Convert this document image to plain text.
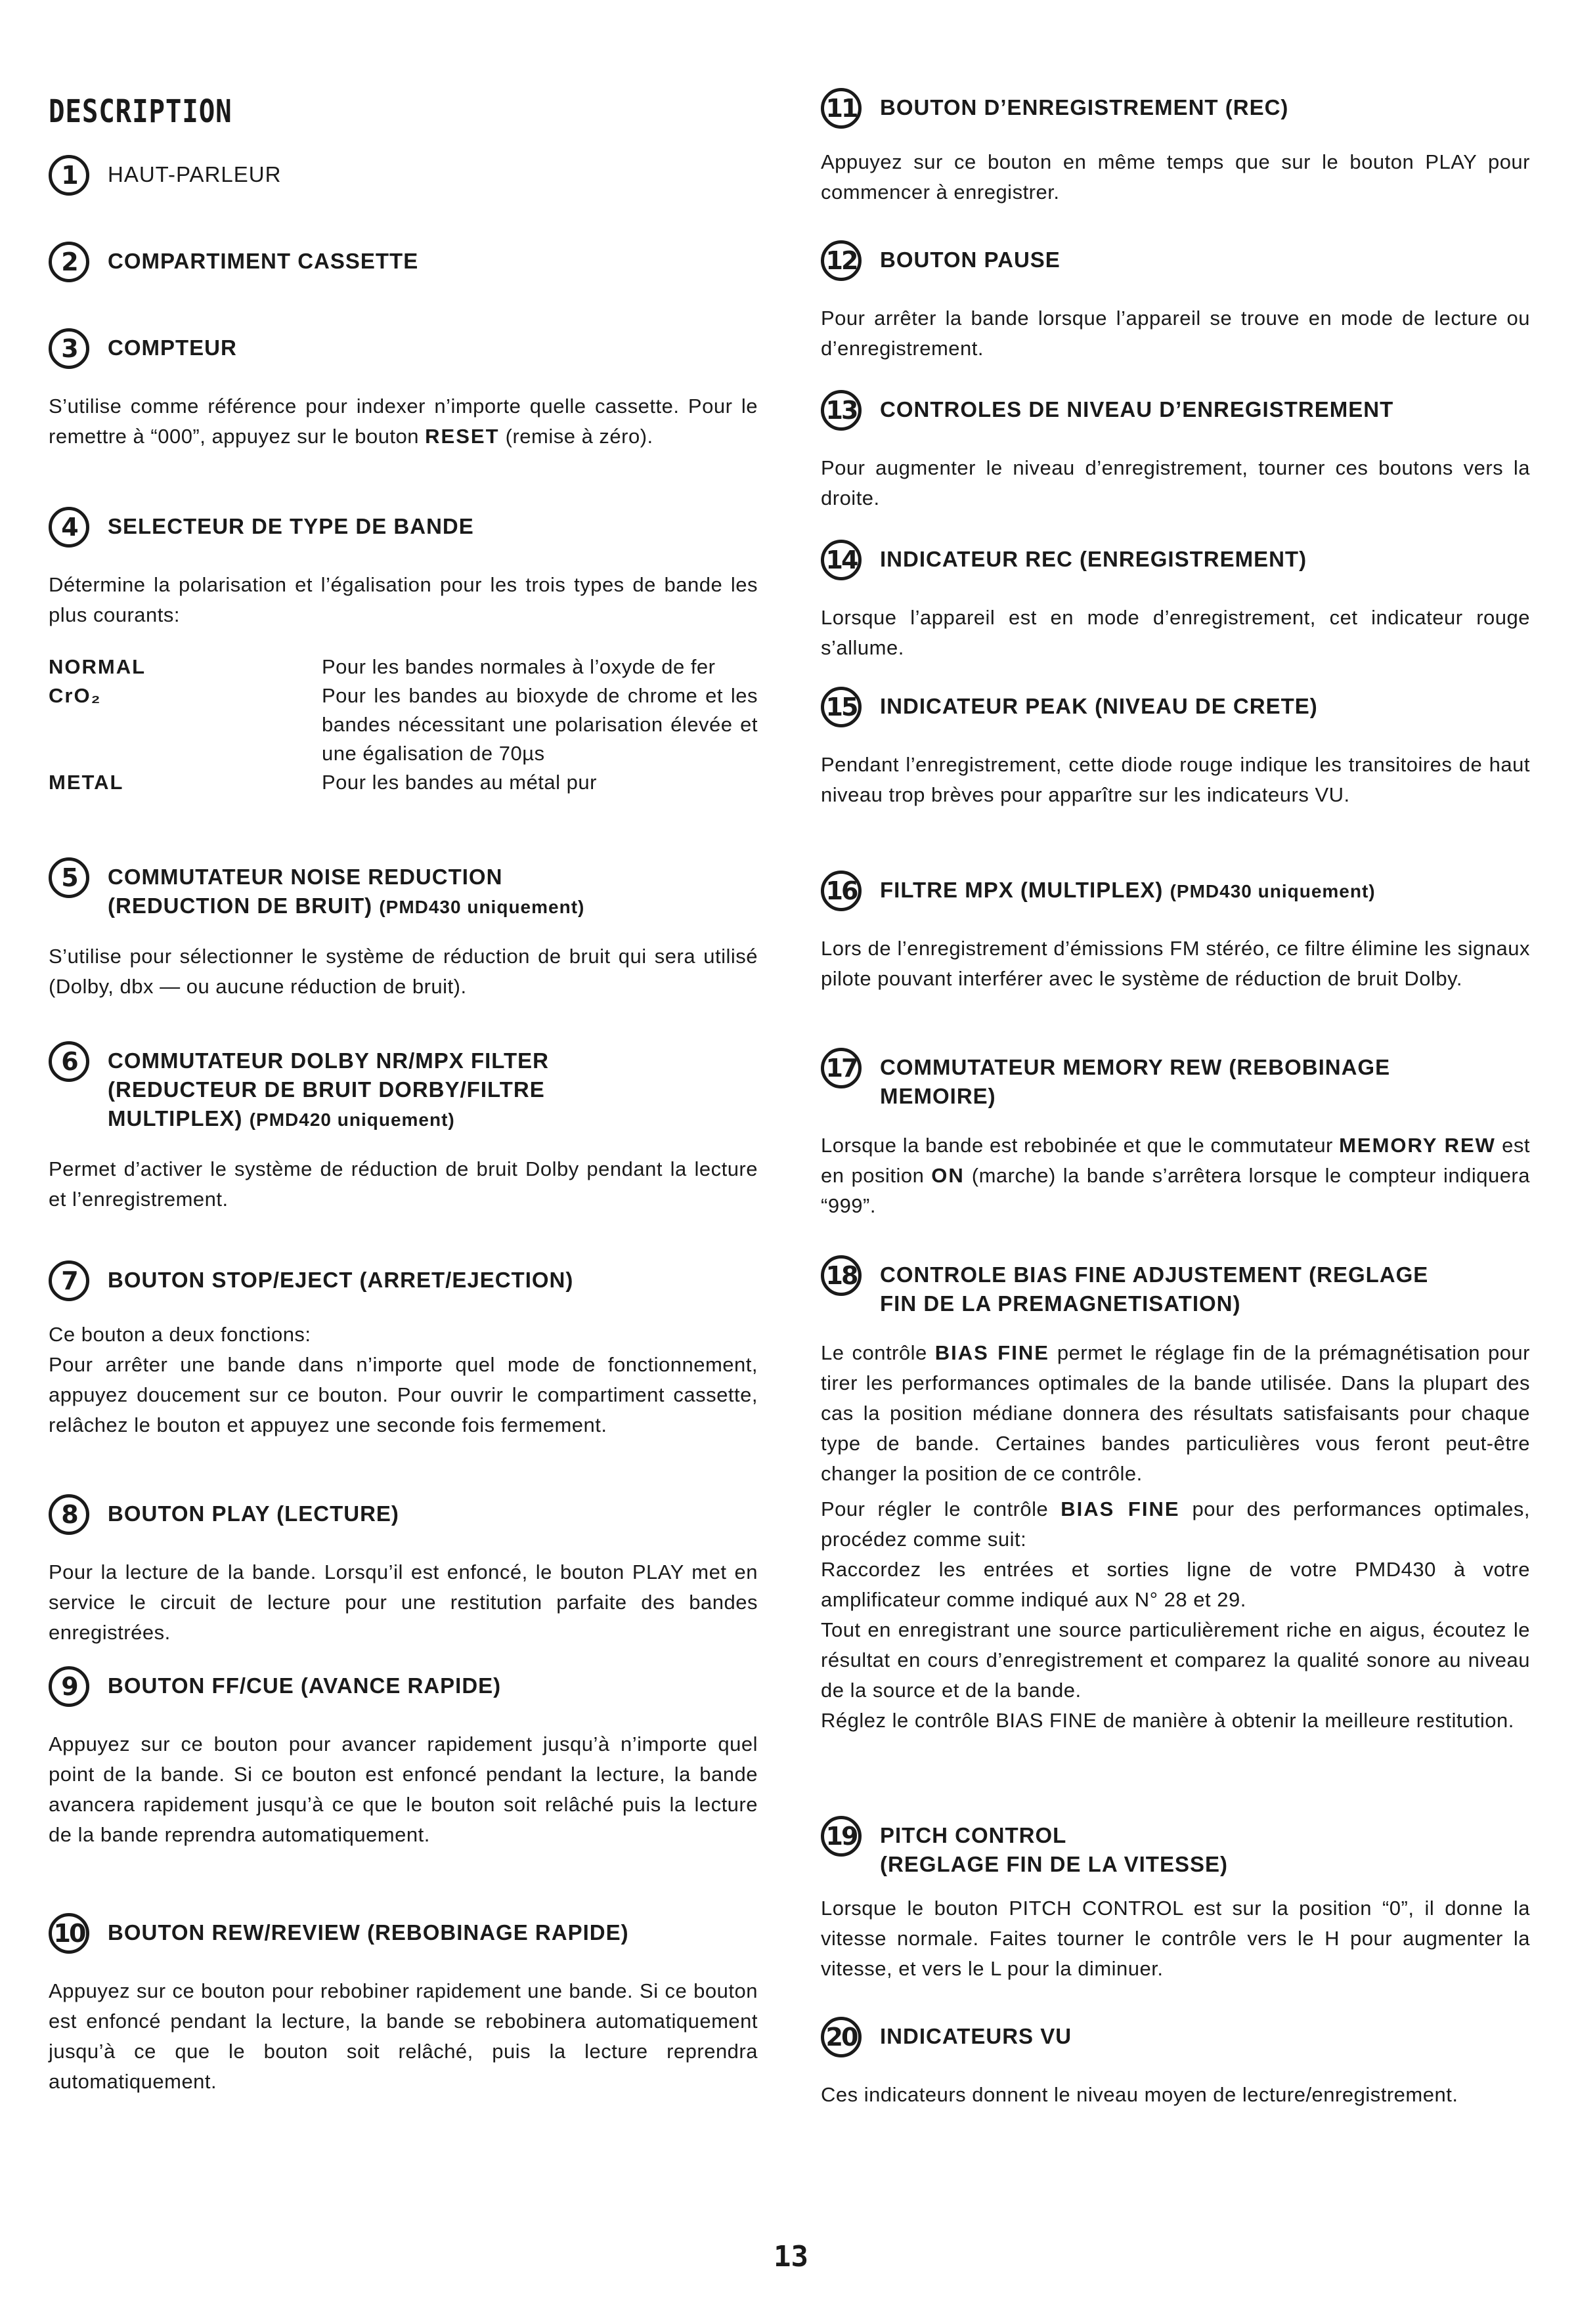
DESCRIPTION
1	HAUT-PARLEUR
2	COMPARTIMENT CASSETTE
3	COMPTEUR
S’utilise comme référence pour indexer n’importe quelle cassette. Pour le remettre à “000”, appuyez sur le bouton RESET (remise à zéro).
4	SELECTEUR DE TYPE DE BANDE
Détermine la polarisation et l’égalisation pour les trois types de bande les plus courants:
NORMAL	Pour les bandes normales à l’oxyde de fer
CrO₂	Pour les bandes au bioxyde de chrome et les bandes nécessitant une polarisation élevée et une égalisation de 70µs
METAL	Pour les bandes au métal pur
5	COMMUTATEUR NOISE REDUCTION
(REDUCTION DE BRUIT) (PMD430 uniquement)
S’utilise pour sélectionner le système de réduction de bruit qui sera utilisé (Dolby, dbx — ou aucune réduction de bruit).
6	COMMUTATEUR DOLBY NR/MPX FILTER
(REDUCTEUR DE BRUIT DORBY/FILTRE
MULTIPLEX) (PMD420 uniquement)
Permet d’activer le système de réduction de bruit Dolby pendant la lecture et l’enregistrement.
7	BOUTON STOP/EJECT (ARRET/EJECTION)

Ce bouton a deux fonctions:

Pour arrêter une bande dans n’importe quel mode de fonctionnement, appuyez doucement sur ce bouton. Pour ouvrir le compartiment cassette, relâchez le bouton et appuyez une seconde fois fermement.

8	BOUTON PLAY (LECTURE)
Pour la lecture de la bande. Lorsqu’il est enfoncé, le bouton PLAY met en service le circuit de lecture pour une restitution parfaite des bandes enregistrées.
9	BOUTON FF/CUE (AVANCE RAPIDE)
Appuyez sur ce bouton pour avancer rapidement jusqu’à n’importe quel point de la bande. Si ce bouton est enfoncé pendant la lecture, la bande avancera rapidement jusqu’à ce que le bouton soit relâché puis la lecture de la bande reprendra automatiquement.
10 BOUTON REW/REVIEW (REBOBINAGE RAPIDE)
Appuyez sur ce bouton pour rebobiner rapidement une bande. Si ce bouton est enfoncé pendant la lecture, la bande se rebobinera automatiquement jusqu’à ce que le bouton soit relâché, puis la lecture reprendra automatiquement.
11 BOUTON D’ENREGISTREMENT (REC)
Appuyez sur ce bouton en même temps que sur le bouton PLAY pour commencer à enregistrer.
12 BOUTON PAUSE
Pour arrêter la bande lorsque l’appareil se trouve en mode de lecture ou d’enregistrement.
13 CONTROLES DE NIVEAU D’ENREGISTREMENT
Pour augmenter le niveau d’enregistrement, tourner ces boutons vers la droite.
14 INDICATEUR REC (ENREGISTREMENT)
Lorsque l’appareil est en mode d’enregistrement, cet indicateur rouge s’allume.
15 INDICATEUR PEAK (NIVEAU DE CRETE)
Pendant l’enregistrement, cette diode rouge indique les transitoires de haut niveau trop brèves pour apparître sur les indicateurs VU.
16 FILTRE MPX (MULTIPLEX) (PMD430 uniquement)
Lors de l’enregistrement d’émissions FM stéréo, ce filtre élimine les signaux pilote pouvant interférer avec le système de réduction de bruit Dolby.
17 COMMUTATEUR MEMORY REW (REBOBINAGE
MEMOIRE)
Lorsque la bande est rebobinée et que le commutateur MEMORY REW est en position ON (marche) la bande s’arrêtera lorsque le compteur indiquera “999”.
18 CONTROLE BIAS FINE ADJUSTEMENT (REGLAGE
FIN DE LA PREMAGNETISATION)

Le contrôle BIAS FINE permet le réglage fin de la prémagnétisation pour tirer les performances optimales de la bande utilisée. Dans la plupart des cas la position médiane donnera des résultats satisfaisants pour chaque type de bande. Certaines bandes particulières vous feront peut-être changer la position de ce contrôle.

Pour régler le contrôle BIAS FINE pour des performances optimales, procédez comme suit:

Raccordez les entrées et sorties ligne de votre PMD430 à votre amplificateur comme indiqué aux N° 28 et 29.

Tout en enregistrant une source particulièrement riche en aigus, écoutez le résultat en cours d’enregistrement et comparez la qualité sonore au niveau de la source et de la bande.

Réglez le contrôle BIAS FINE de manière à obtenir la meilleure restitution.

19 PITCH CONTROL
(REGLAGE FIN DE LA VITESSE)
Lorsque le bouton PITCH CONTROL est sur la position “0”, il donne la vitesse normale. Faites tourner le contrôle vers le H pour augmenter la vitesse, et vers le L pour la diminuer.
20 INDICATEURS VU
Ces indicateurs donnent le niveau moyen de lecture/enregistrement.
13
